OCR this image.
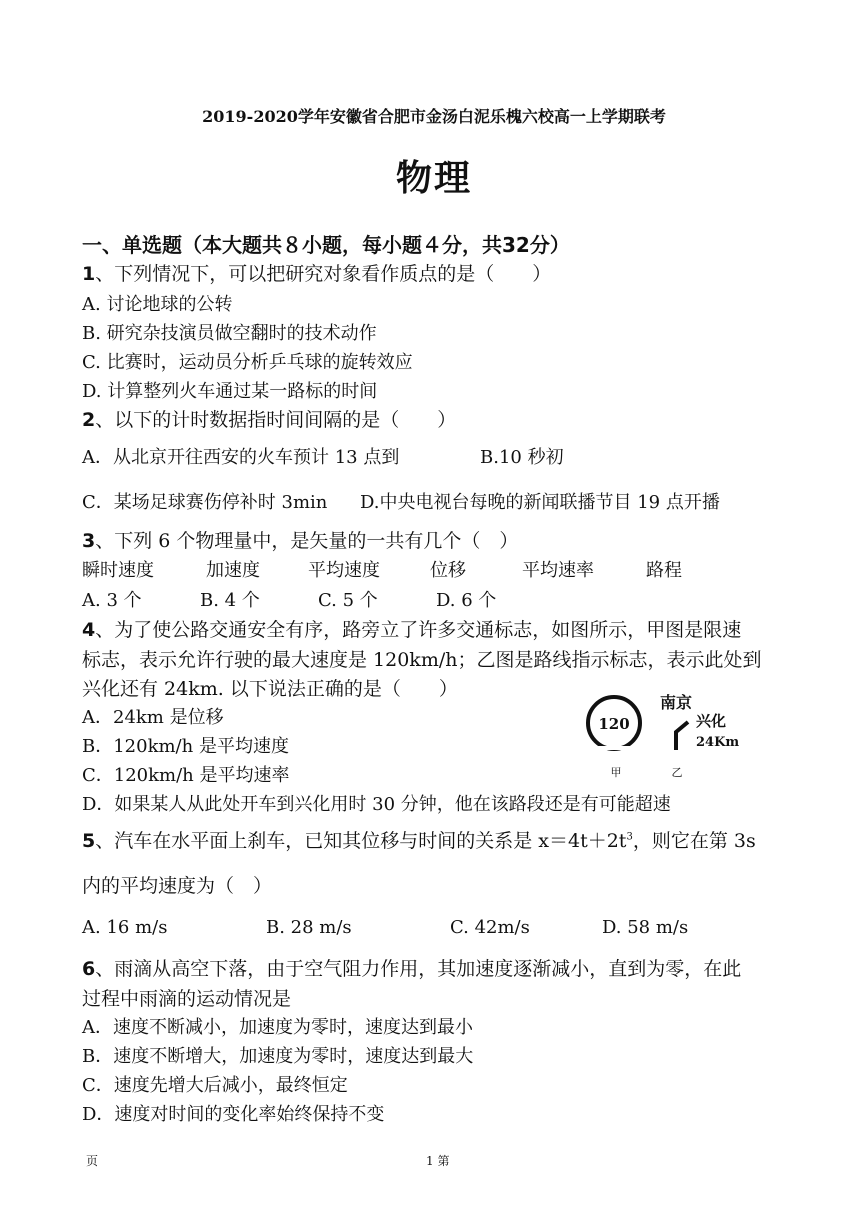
2019-2020学年安徽省合肥市金汤白泥乐槐六校高一上学期联考
物理
一、单选题（本大题共８小题，每小题４分，共32分）
1、下列情况下，可以把研究对象看作质点的是（　　）
A. 讨论地球的公转
B. 研究杂技演员做空翻时的技术动作
C. 比赛时，运动员分析乒乓球的旋转效应
D. 计算整列火车通过某一路标的时间
2、以下的计时数据指时间间隔的是（　　）
A．从北京开往西安的火车预计 13 点到	B.10 秒初
C．某场足球赛伤停补时 3min D.中央电视台每晚的新闻联播节目 19 点开播
3、下列 6 个物理量中，是矢量的一共有几个（　）
瞬时速度	加速度	平均速度	位移	平均速率	路程
A. 3 个	B. 4 个	C. 5 个	D. 6 个
4、为了使公路交通安全有序，路旁立了许多交通标志，如图所示，甲图是限速
标志，表示允许行驶的最大速度是 120km/h；乙图是路线指示标志，表示此处到
兴化还有 24km. 以下说法正确的是（　　）
A．24km 是位移
B．120km/h 是平均速度
C．120km/h 是平均速率
D．如果某人从此处开车到兴化用时 30 分钟，他在该路段还是有可能超速
120
南京
兴化
24Km
甲	乙
5、汽车在水平面上刹车，已知其位移与时间的关系是 $x=4t+2t^3$，则它在第 3s
内的平均速度为（　）
A. 16 m/s	B. 28 m/s	C. 42m/s	D. 58 m/s
6、雨滴从高空下落，由于空气阻力作用，其加速度逐渐减小，直到为零，在此
过程中雨滴的运动情况是
A．速度不断减小，加速度为零时，速度达到最小
B．速度不断增大，加速度为零时，速度达到最大
C．速度先增大后减小，最终恒定
D．速度对时间的变化率始终保持不变
页	1 第
